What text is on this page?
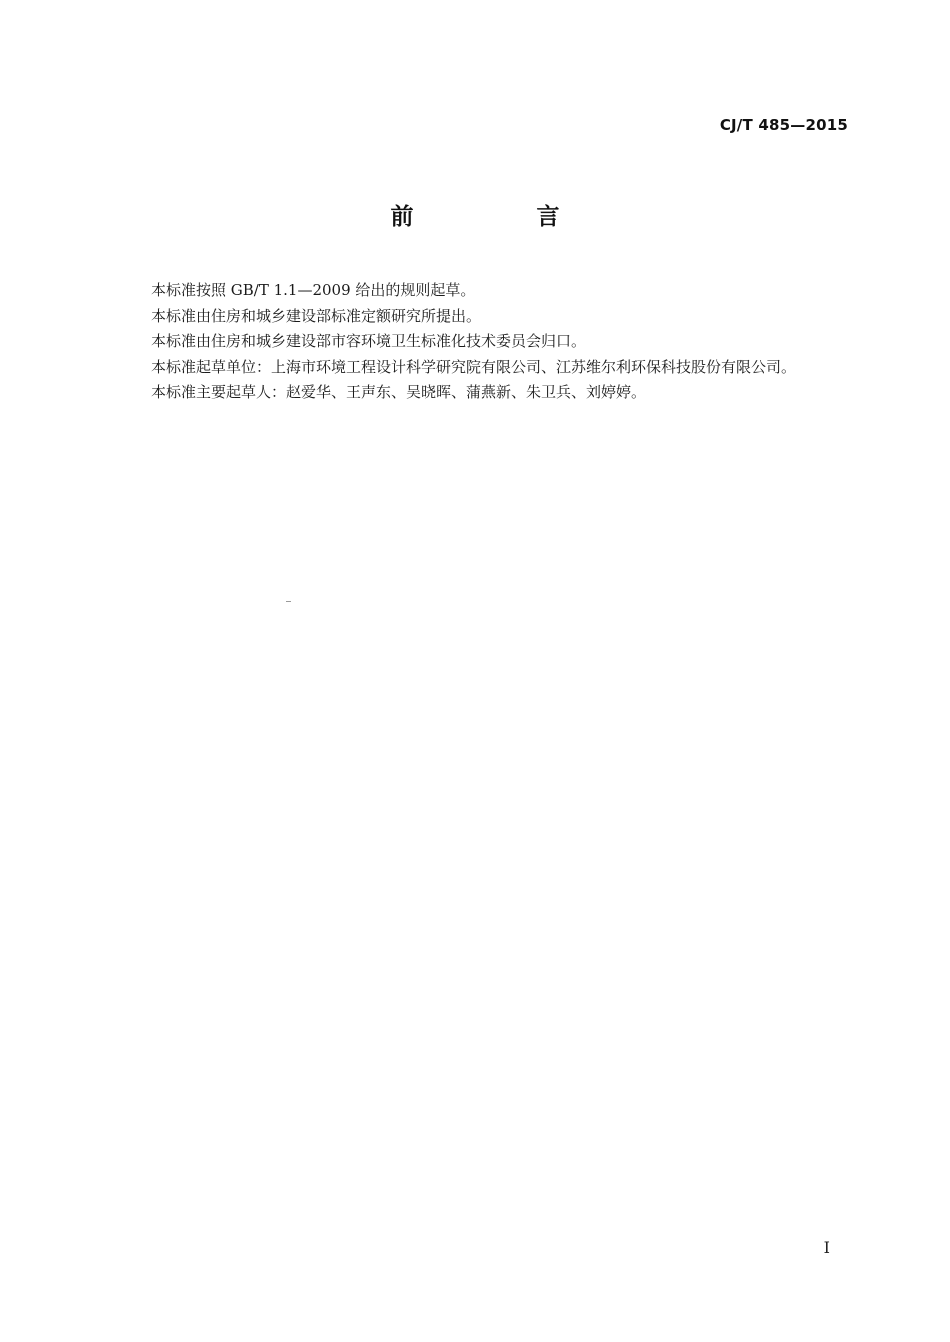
CJ/T 485—2015
前　言
本标准按照 GB/T 1.1—2009 给出的规则起草。
本标准由住房和城乡建设部标准定额研究所提出。
本标准由住房和城乡建设部市容环境卫生标准化技术委员会归口。
本标准起草单位：上海市环境工程设计科学研究院有限公司、江苏维尔利环保科技股份有限公司。
本标准主要起草人：赵爱华、王声东、吴晓晖、蒲燕新、朱卫兵、刘婷婷。
I
